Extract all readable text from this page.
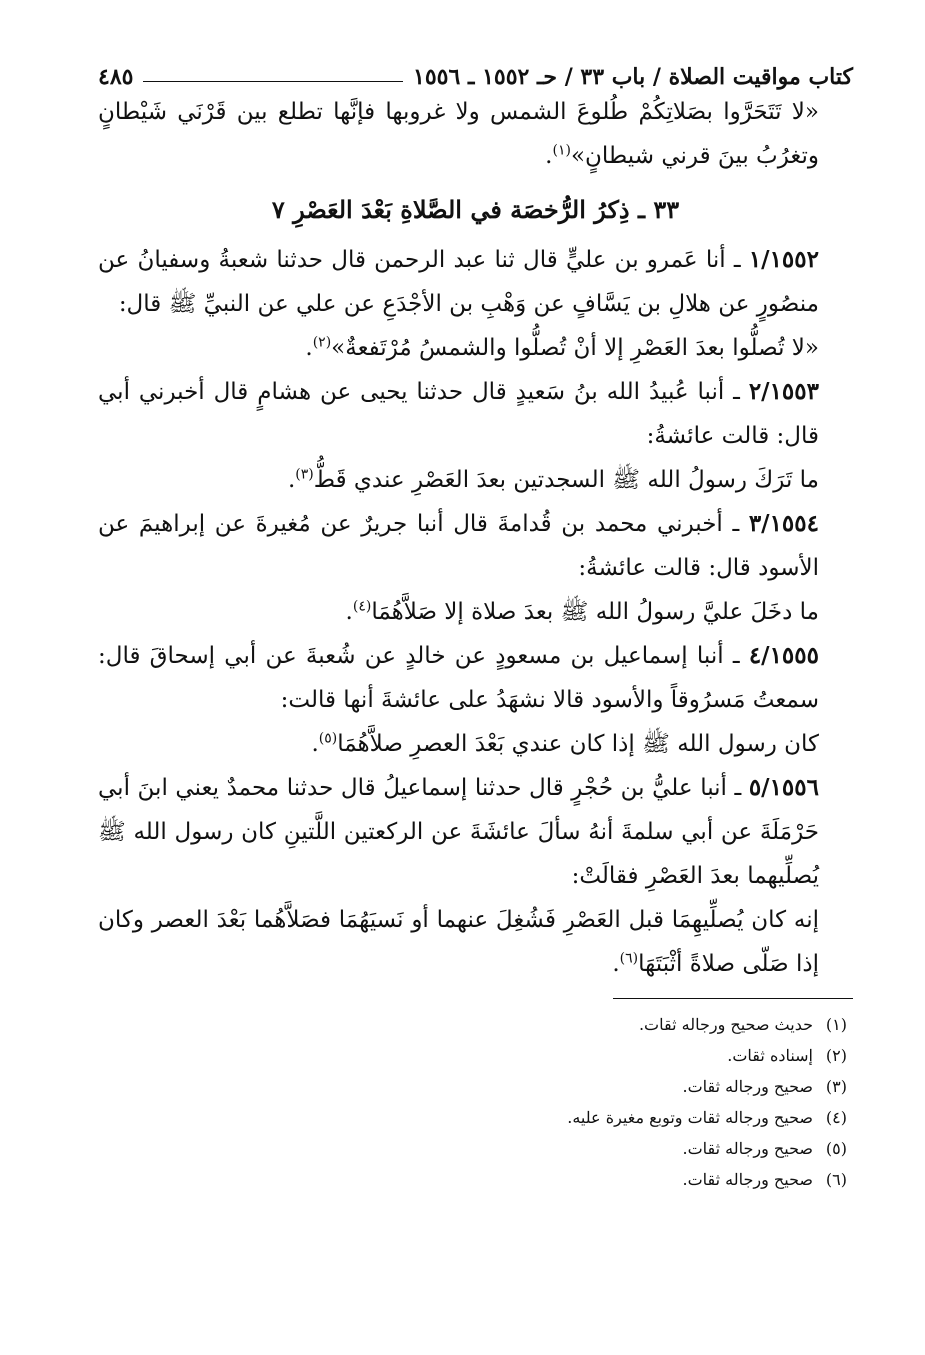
كتاب مواقيت الصلاة / باب ٣٣ / حـ ١٥٥٢ ـ ١٥٥٦
٤٨٥

«لا تَتَحَرَّوا بصَلاتِكُمْ طُلوعَ الشمس ولا غروبها فإنَّها تطلع بين قَرْنَي شَيْطانٍ وتغرُبُ بينَ قرني شيطانٍ»$^{(١)}$.

٣٣ ـ ذِكرُ الرُّخصَة في الصَّلاةِ بَعْدَ العَصْرِ ٧

١/١٥٥٢ ـ أنا عَمرو بن عليٍّ قال ثنا عبد الرحمن قال حدثنا شعبةُ وسفيانُ عن منصُورٍ عن هلالِ بن يَسَّافٍ عن وَهْبِ بن الأجْدَعِ عن علي عن النبيِّ ﷺ قال:

«لا تُصلُّوا بعدَ العَصْرِ إلا أنْ تُصلُّوا والشمسُ مُرْتَفعةٌ»$^{(٢)}$.

٢/١٥٥٣ ـ أنبا عُبيدُ الله بنُ سَعيدٍ قال حدثنا يحيى عن هشامٍ قال أخبرني أبي قال: قالت عائشةُ:

ما تَرَكَ رسولُ الله ﷺ السجدتين بعدَ العَصْرِ عندي قَطُّ$^{(٣)}$.

٣/١٥٥٤ ـ أخبرني محمد بن قُدامةَ قال أنبا جريرٌ عن مُغيرةَ عن إبراهيمَ عن الأسود قال: قالت عائشةُ:

ما دخَلَ عليَّ رسولُ الله ﷺ بعدَ صلاة إلا صَلاَّهُمَا$^{(٤)}$.

٤/١٥٥٥ ـ أنبا إسماعيل بن مسعودٍ عن خالدٍ عن شُعبةَ عن أبي إسحاقَ قال: سمعتُ مَسرُوقاً والأسود قالا نشهَدُ على عائشةَ أنها قالت:

كان رسول الله ﷺ إذا كان عندي بَعْدَ العصرِ صلاَّهُمَا$^{(٥)}$.

٥/١٥٥٦ ـ أنبا عليُّ بن حُجْرٍ قال حدثنا إسماعيلُ قال حدثنا محمدٌ يعني ابنَ أبي حَرْمَلَةَ عن أبي سلمةَ أنهُ سألَ عائشَةَ عن الركعتين اللَّتينِ كان رسول الله ﷺ يُصلِّيهما بعدَ العَصْرِ فقالَتْ:

إنه كان يُصلِّيهِمَا قبل العَصْرِ فَشُغِلَ عنهما أو نَسيَهُمَا فصَلاَّهُما بَعْدَ العصر وكان إذا صَلّى صلاةً أثْبَتَهَا$^{(٦)}$.

(١)حديث صحيح ورجاله ثقات.
(٢)إسناده ثقات.
(٣)صحيح ورجاله ثقات.
(٤)صحيح ورجاله ثقات وتوبع مغيرة عليه.
(٥)صحيح ورجاله ثقات.
(٦)صحيح ورجاله ثقات.
